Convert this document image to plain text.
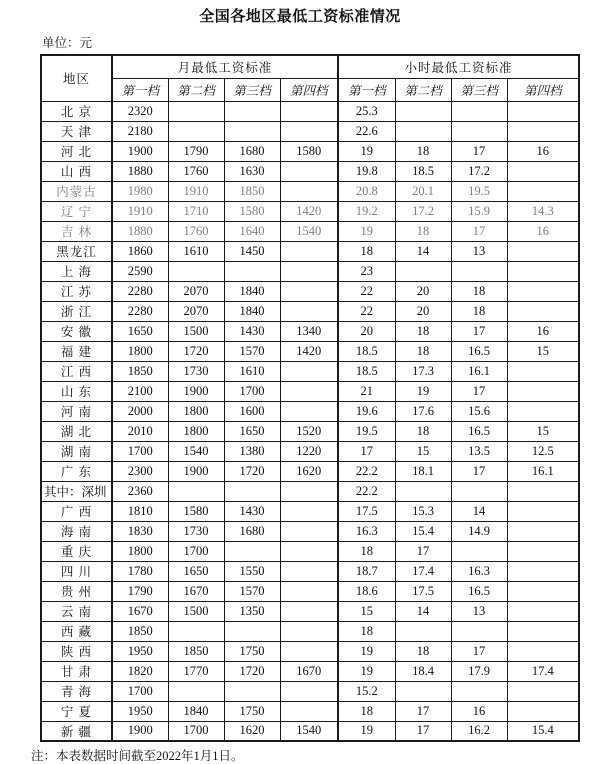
全国各地区最低工资标准情况
单位：元
地区	月最低工资标准				小时最低工资标准			
	第一档	第二档	第三档	第四档	第一档	第二档	第三档	第四档
北 京	2320				25.3			
天 津	2180				22.6			
河 北	1900	1790	1680	1580	19	18	17	16
山 西	1880	1760	1630		19.8	18.5	17.2	
内蒙古	1980	1910	1850		20.8	20.1	19.5	
辽 宁	1910	1710	1580	1420	19.2	17.2	15.9	14.3
吉 林	1880	1760	1640	1540	19	18	17	16
黑龙江	1860	1610	1450		18	14	13	
上 海	2590				23			
江 苏	2280	2070	1840		22	20	18	
浙 江	2280	2070	1840		22	20	18	
安 徽	1650	1500	1430	1340	20	18	17	16
福 建	1800	1720	1570	1420	18.5	18	16.5	15
江 西	1850	1730	1610		18.5	17.3	16.1	
山 东	2100	1900	1700		21	19	17	
河 南	2000	1800	1600		19.6	17.6	15.6	
湖 北	2010	1800	1650	1520	19.5	18	16.5	15
湖 南	1700	1540	1380	1220	17	15	13.5	12.5
广 东	2300	1900	1720	1620	22.2	18.1	17	16.1
其中：深圳	2360				22.2			
广 西	1810	1580	1430		17.5	15.3	14	
海 南	1830	1730	1680		16.3	15.4	14.9	
重 庆	1800	1700			18	17		
四 川	1780	1650	1550		18.7	17.4	16.3	
贵 州	1790	1670	1570		18.6	17.5	16.5	
云 南	1670	1500	1350		15	14	13	
西 藏	1850				18			
陕 西	1950	1850	1750		19	18	17	
甘 肃	1820	1770	1720	1670	19	18.4	17.9	17.4
青 海	1700				15.2			
宁 夏	1950	1840	1750		18	17	16	
新 疆	1900	1700	1620	1540	19	17	16.2	15.4
注：本表数据时间截至2022年1月1日。
